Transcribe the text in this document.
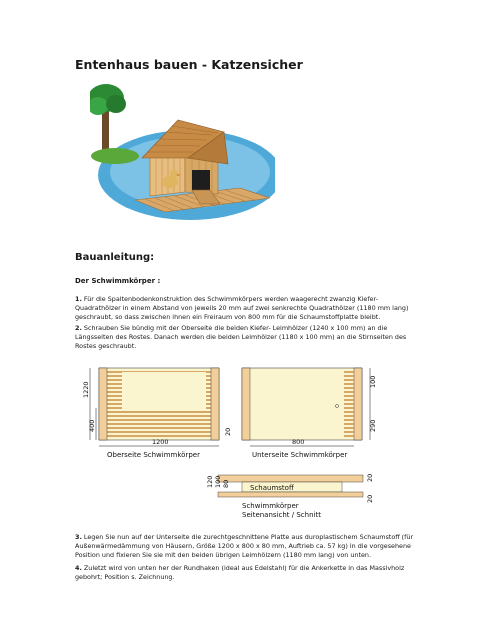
Entenhaus bauen - Katzensicher
Bauanleitung:
Der Schwimmkörper :
1. Für die Spaltenbodenkonstruktion des Schwimmkörpers werden waagerecht zwanzig Kiefer-Quadrathölzer in einem Abstand von jeweils 20 mm auf zwei senkrechte Quadrathölzer (1180 mm lang) geschraubt, so dass zwischen ihnen ein Freiraum von 800 mm für die Schaumstoffplatte bleibt.
2. Schrauben Sie bündig mit der Oberseite die beiden Kiefer- Leimhölzer (1240 x 100 mm) an die Längsseiten des Rostes. Danach werden die beiden Leimhölzer (1180 x 100 mm) an die Stirnseiten des Rostes geschraubt.
1220
400
1200
20
Oberseite Schwimmkörper
100
290
800
Unterseite Schwimmkörper
Schaumstoff
120 100 80
20
20
Schwimmkörper
Seitenansicht / Schnitt
3. Legen Sie nun auf der Unterseite die zurechtgeschnittene Platte aus duroplastischem Schaumstoff (für Außenwärmedämmung von Häusern, Größe 1200 x 800 x 80 mm, Auftrieb ca. 57 kg) in die vorgesehene Position und fixieren Sie sie mit den beiden übrigen Leimhölzern (1180 mm lang) von unten.
4. Zuletzt wird von unten her der Rundhaken (ideal aus Edelstahl) für die Ankerkette in das Massivholz gebohrt; Position s. Zeichnung.
